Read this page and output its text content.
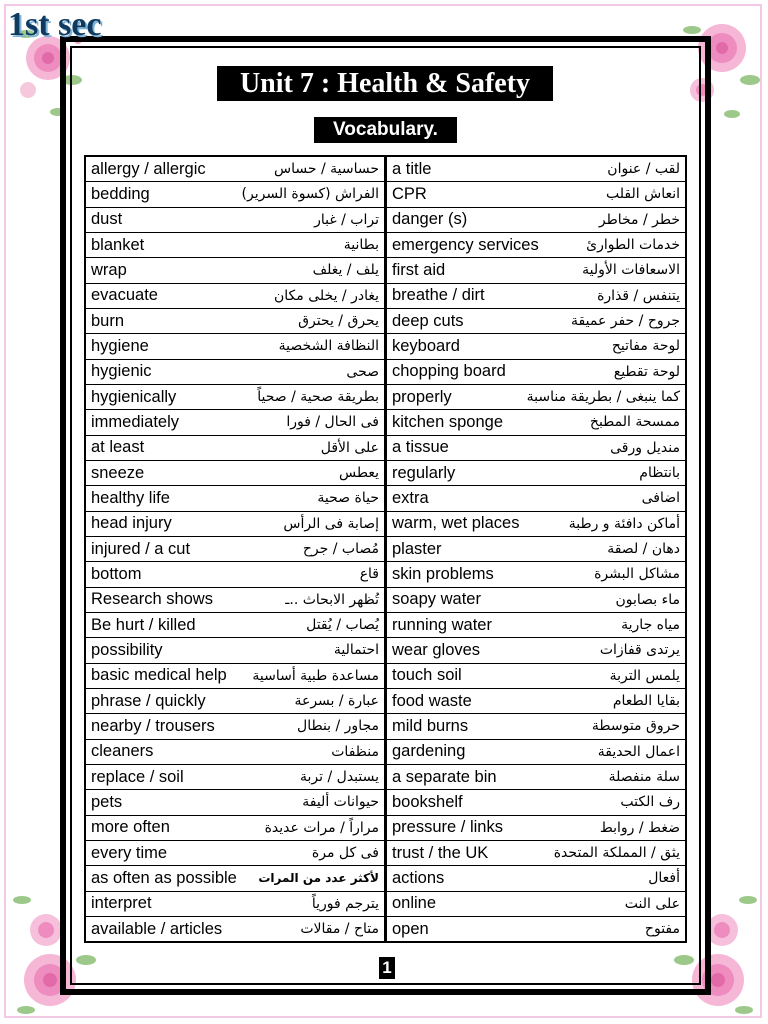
1st sec
Unit 7 : Health & Safety
Vocabulary.
allergy / allergic	حساسية / حساس
bedding	الفراش (كسوة السرير)
dust	تراب / غبار
blanket	بطانية
wrap	يلف / يغلف
evacuate	يغادر / يخلى مكان
burn	يحرق / يحترق
hygiene	النظافة الشخصية
hygienic	صحى
hygienically	بطريقة صحية / صحياً
immediately	فى الحال / فورا
at least	على الأقل
sneeze	يعطس
healthy life	حياة صحية
head injury	إصابة فى الرأس
injured / a cut	مُصاب / جرح
bottom	قاع
Research shows	تُظهر الابحاث ..ـ
Be hurt / killed	يُصاب / يُقتل
possibility	احتمالية
basic medical help مساعدة طبية أساسية
phrase / quickly	عبارة / بسرعة
nearby / trousers	مجاور / بنطال
cleaners	منظفات
replace / soil	يستبدل / تربة
pets	حيوانات أليفة
more often	مراراً / مرات عديدة
every time	فى كل مرة
as often as possible لأكثر عدد من المرات
interpret	يترجم فورياً
available / articles	متاح / مقالات
a title	لقب / عنوان
CPR	انعاش القلب
danger (s)	خطر / مخاطر
emergency services	خدمات الطوارئ
first aid	الاسعافات الأولية
breathe / dirt	يتنفس / قذارة
deep cuts	جروح / حفر عميقة
keyboard	لوحة مفاتيح
chopping board	لوحة تقطيع
properly	كما ينبغى / بطريقة مناسبة
kitchen sponge	ممسحة المطبخ
a tissue	منديل ورقى
regularly	بانتظام
extra	اضافى
warm, wet places	أماكن دافئة و رطبة
plaster	دهان / لصقة
skin problems	مشاكل البشرة
soapy water	ماء بصابون
running water	مياه جارية
wear gloves	يرتدى قفازات
touch soil	يلمس التربة
food waste	بقايا الطعام
mild burns	حروق متوسطة
gardening	اعمال الحديقة
a separate bin	سلة منفصلة
bookshelf	رف الكتب
pressure / links	ضغط / روابط
trust / the UK	يثق / المملكة المتحدة
actions	أفعال
online	على النت
open	مفتوح
1
